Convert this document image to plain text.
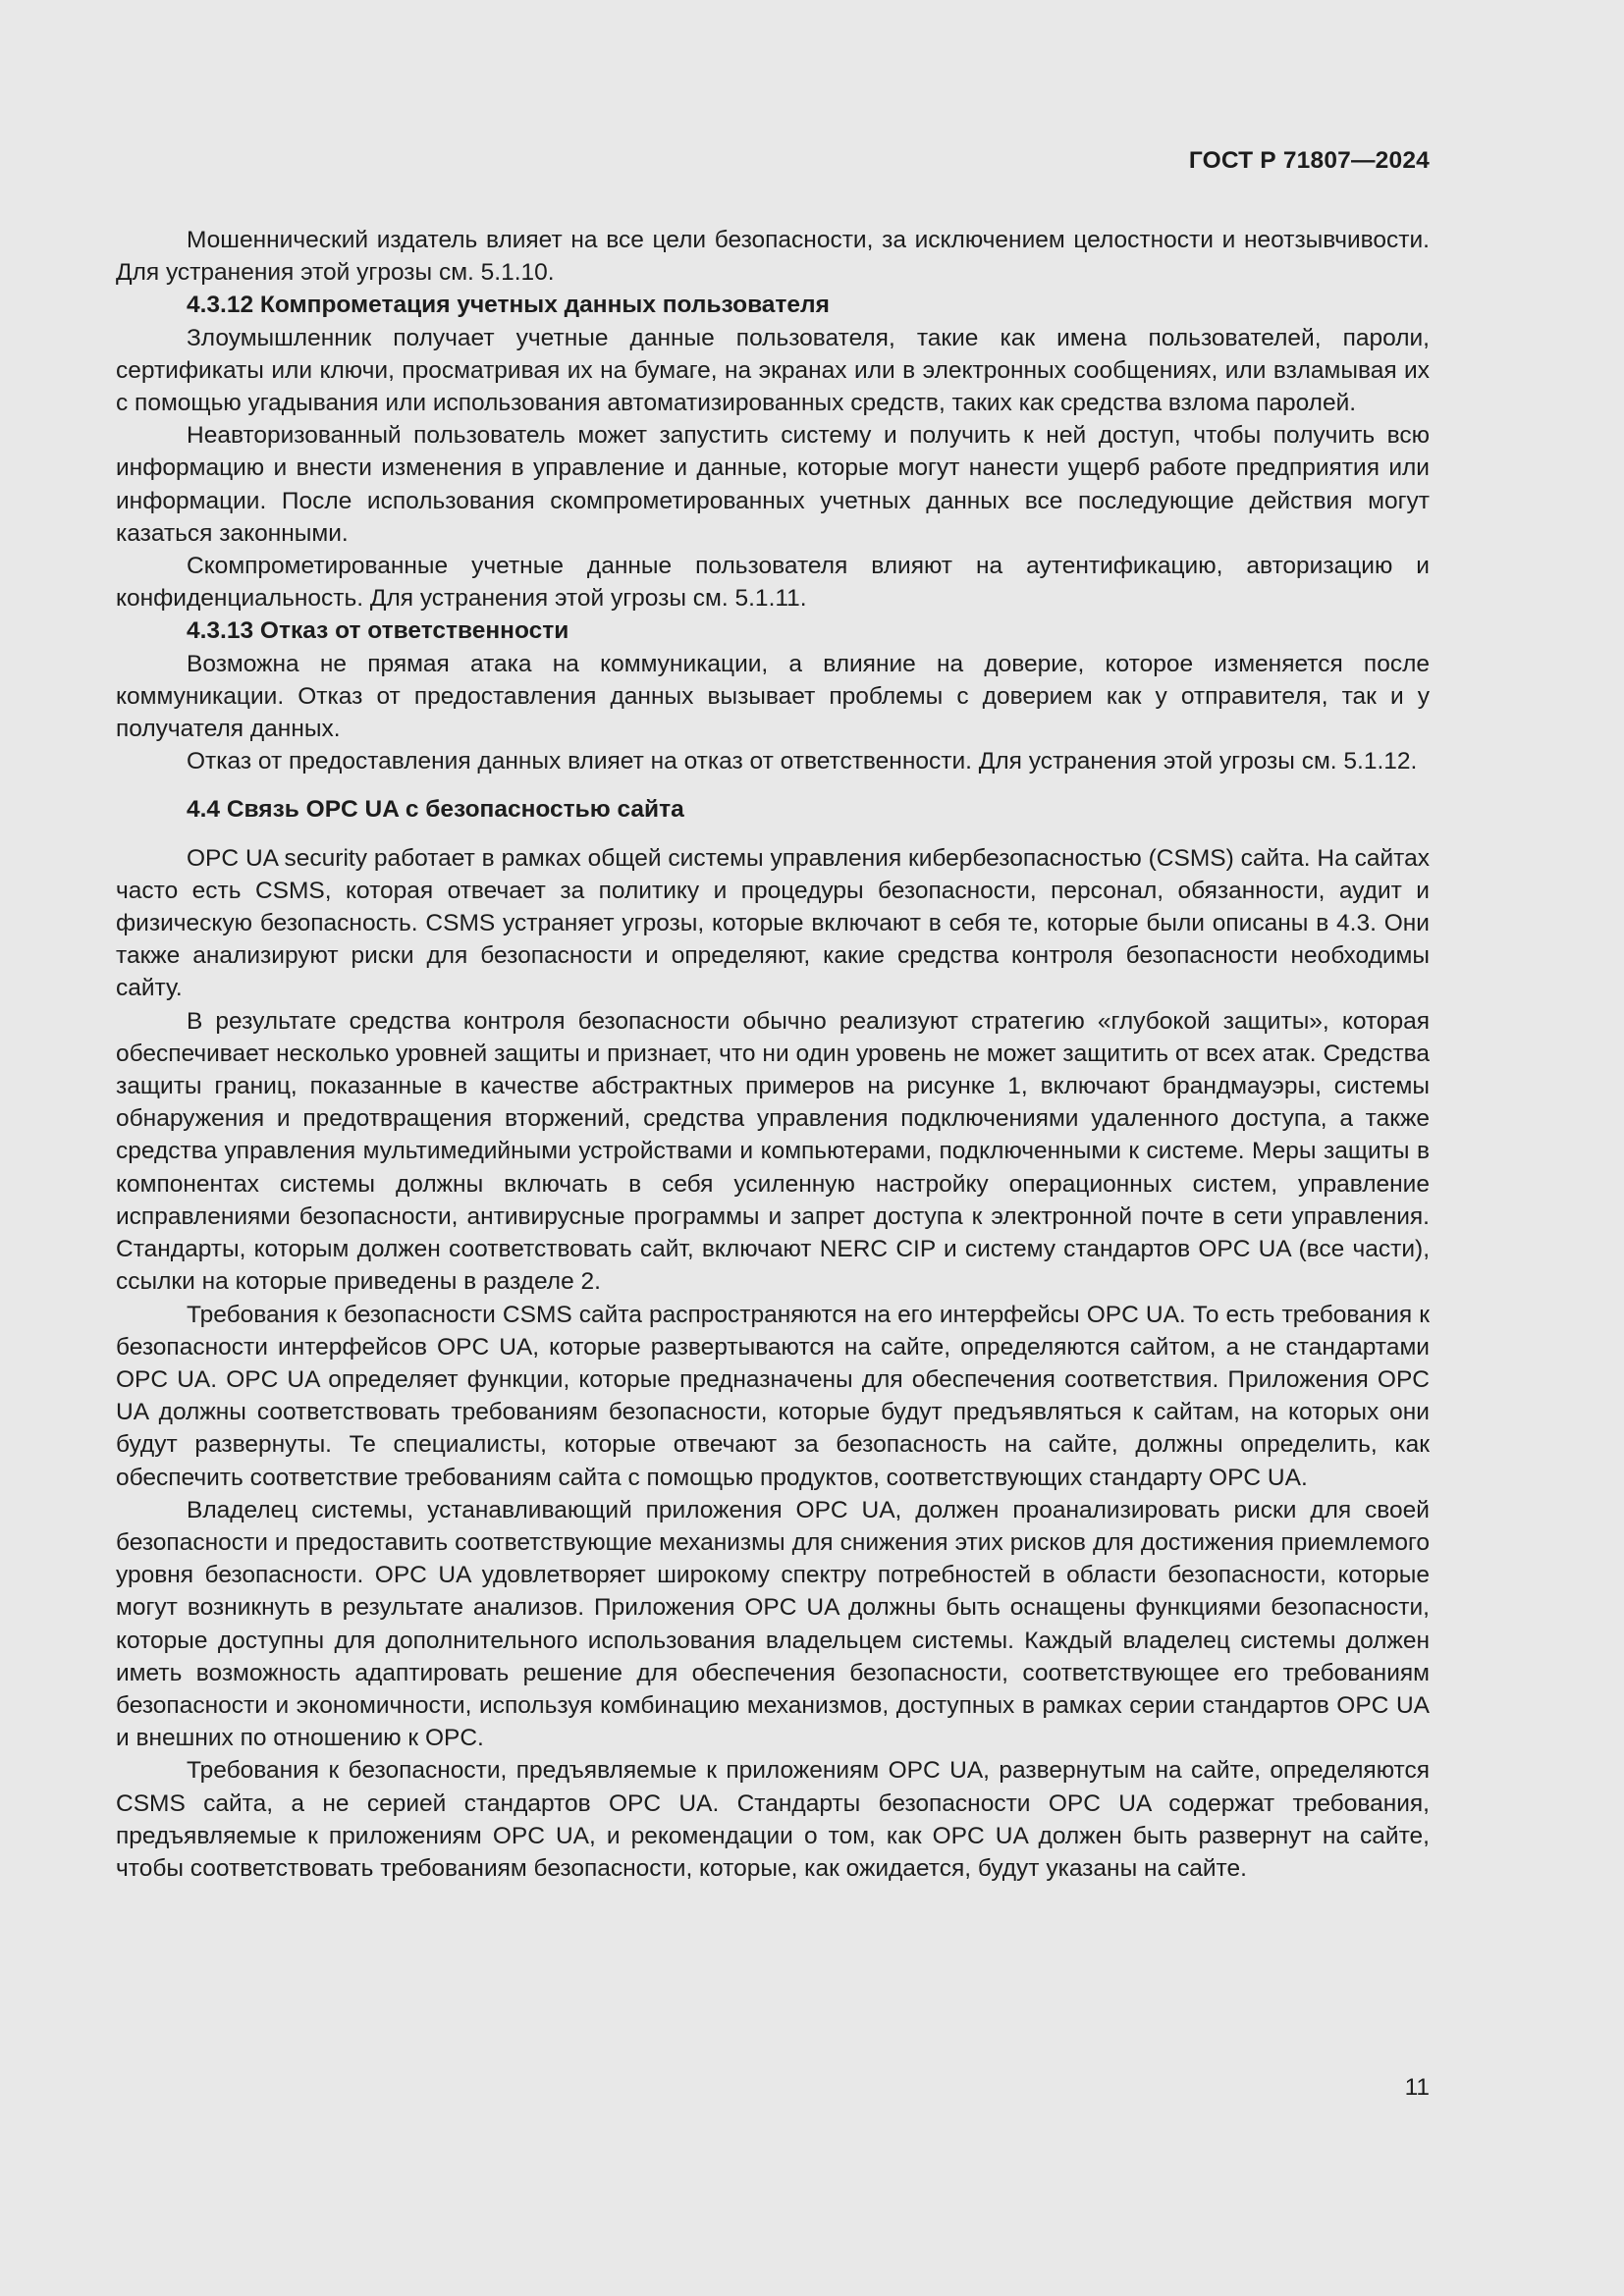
ГОСТ Р 71807—2024

Мошеннический издатель влияет на все цели безопасности, за исключением целостности и неотзывчивости. Для устранения этой угрозы см. 5.1.10.

4.3.12 Компрометация учетных данных пользователя

Злоумышленник получает учетные данные пользователя, такие как имена пользователей, пароли, сертификаты или ключи, просматривая их на бумаге, на экранах или в электронных сообщениях, или взламывая их с помощью угадывания или использования автоматизированных средств, таких как средства взлома паролей.

Неавторизованный пользователь может запустить систему и получить к ней доступ, чтобы получить всю информацию и внести изменения в управление и данные, которые могут нанести ущерб работе предприятия или информации. После использования скомпрометированных учетных данных все последующие действия могут казаться законными.

Скомпрометированные учетные данные пользователя влияют на аутентификацию, авторизацию и конфиденциальность. Для устранения этой угрозы см. 5.1.11.

4.3.13 Отказ от ответственности

Возможна не прямая атака на коммуникации, а влияние на доверие, которое изменяется после коммуникации. Отказ от предоставления данных вызывает проблемы с доверием как у отправителя, так и у получателя данных.

Отказ от предоставления данных влияет на отказ от ответственности. Для устранения этой угрозы см. 5.1.12.

4.4 Связь OPC UA с безопасностью сайта

OPC UA security работает в рамках общей системы управления кибербезопасностью (CSMS) сайта. На сайтах часто есть CSMS, которая отвечает за политику и процедуры безопасности, персонал, обязанности, аудит и физическую безопасность. CSMS устраняет угрозы, которые включают в себя те, которые были описаны в 4.3. Они также анализируют риски для безопасности и определяют, какие средства контроля безопасности необходимы сайту.

В результате средства контроля безопасности обычно реализуют стратегию «глубокой защиты», которая обеспечивает несколько уровней защиты и признает, что ни один уровень не может защитить от всех атак. Средства защиты границ, показанные в качестве абстрактных примеров на рисунке 1, включают брандмауэры, системы обнаружения и предотвращения вторжений, средства управления подключениями удаленного доступа, а также средства управления мультимедийными устройствами и компьютерами, подключенными к системе. Меры защиты в компонентах системы должны включать в себя усиленную настройку операционных систем, управление исправлениями безопасности, антивирусные программы и запрет доступа к электронной почте в сети управления. Стандарты, которым должен соответствовать сайт, включают NERC CIP и систему стандартов OPC UA (все части), ссылки на которые приведены в разделе 2.

Требования к безопасности CSMS сайта распространяются на его интерфейсы OPC UA. То есть требования к безопасности интерфейсов OPC UA, которые развертываются на сайте, определяются сайтом, а не стандартами OPC UA. OPC UA определяет функции, которые предназначены для обеспечения соответствия. Приложения OPC UA должны соответствовать требованиям безопасности, которые будут предъявляться к сайтам, на которых они будут развернуты. Те специалисты, которые отвечают за безопасность на сайте, должны определить, как обеспечить соответствие требованиям сайта с помощью продуктов, соответствующих стандарту OPC UA.

Владелец системы, устанавливающий приложения OPC UA, должен проанализировать риски для своей безопасности и предоставить соответствующие механизмы для снижения этих рисков для достижения приемлемого уровня безопасности. OPC UA удовлетворяет широкому спектру потребностей в области безопасности, которые могут возникнуть в результате анализов. Приложения OPC UA должны быть оснащены функциями безопасности, которые доступны для дополнительного использования владельцем системы. Каждый владелец системы должен иметь возможность адаптировать решение для обеспечения безопасности, соответствующее его требованиям безопасности и экономичности, используя комбинацию механизмов, доступных в рамках серии стандартов OPC UA и внешних по отношению к OPC.

Требования к безопасности, предъявляемые к приложениям OPC UA, развернутым на сайте, определяются CSMS сайта, а не серией стандартов OPC UA. Стандарты безопасности OPC UA содержат требования, предъявляемые к приложениям OPC UA, и рекомендации о том, как OPC UA должен быть развернут на сайте, чтобы соответствовать требованиям безопасности, которые, как ожидается, будут указаны на сайте.

11
